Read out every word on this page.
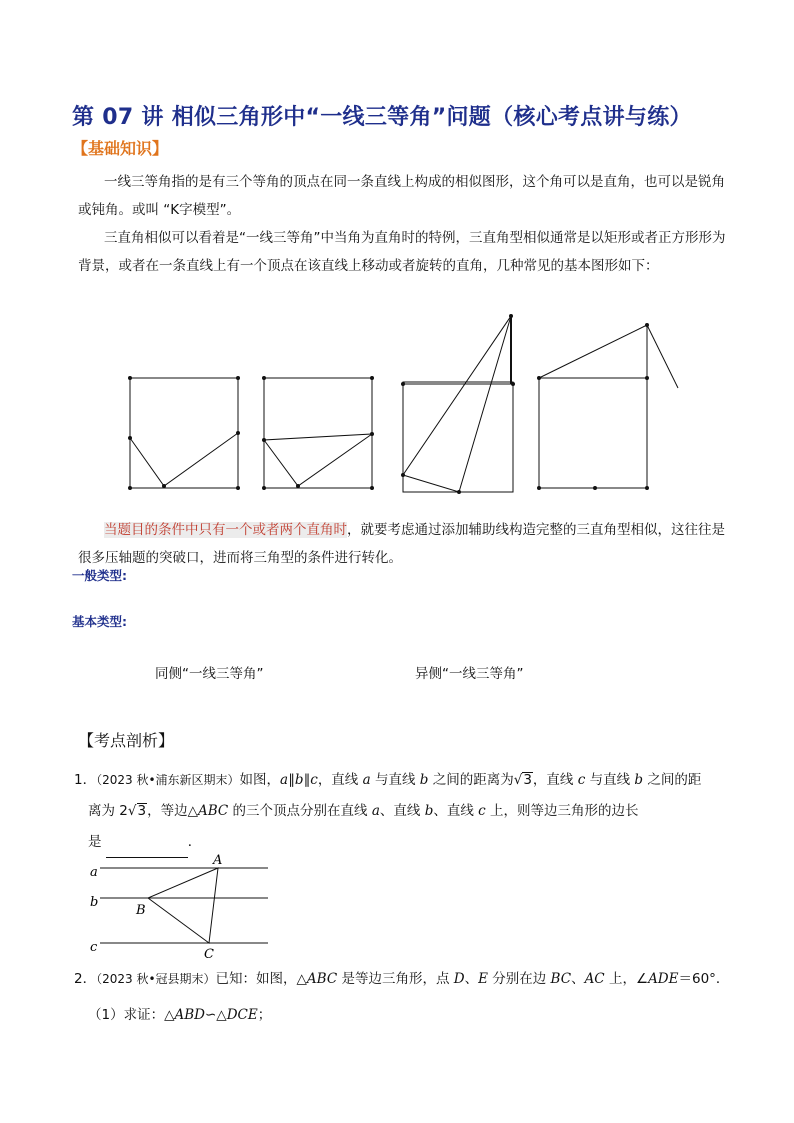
第 07 讲 相似三角形中“一线三等角”问题（核心考点讲与练）
【基础知识】

一线三等角指的是有三个等角的顶点在同一条直线上构成的相似图形，这个角可以是直角，也可以是锐角或钝角。或叫 “K字模型”。

三直角相似可以看着是“一线三等角”中当角为直角时的特例，三直角型相似通常是以矩形或者正方形形为背景，或者在一条直线上有一个顶点在该直线上移动或者旋转的直角，几种常见的基本图形如下：

当题目的条件中只有一个或者两个直角时，就要考虑通过添加辅助线构造完整的三直角型相似，这往往是很多压轴题的突破口，进而将三角型的条件进行转化。

一般类型:
基本类型:
同侧“一线三等角”	异侧“一线三等角”
【考点剖析】

1．（2023 秋•浦东新区期末）如图，a∥b∥c，直线 a 与直线 b 之间的距离为√3，直线 c 与直线 b 之间的距

离为 2√3，等边△ABC 的三个顶点分别在直线 a、直线 b、直线 c 上，则等边三角形的边长

是	．

a
b
c
A
B
C

2．（2023 秋•冠县期末）已知：如图，△ABC 是等边三角形，点 D、E 分别在边 BC、AC 上，∠ADE＝60°．

（1）求证：△ABD∽△DCE；
